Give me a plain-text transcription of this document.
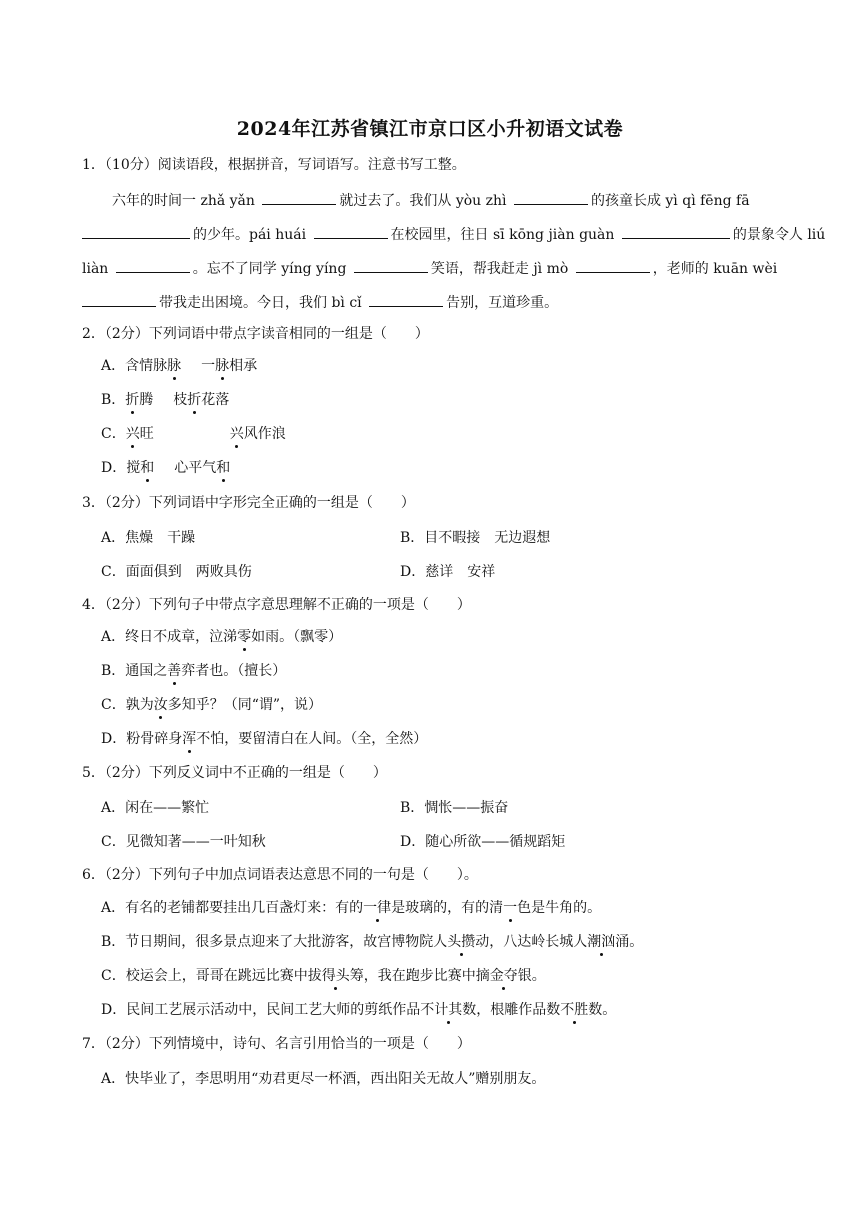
2024年江苏省镇江市京口区小升初语文试卷
1．（10分）阅读语段，根据拼音，写词语写。注意书写工整。
六年的时间一 zhǎ yǎn	就过去了。我们从 yòu zhì	的孩童长成 yì qì fēng fā
的少年。pái huái	在校园里，往日 sī kōng jiàn guàn	的景象令人 liú
liàn	。忘不了同学 yíng yíng	笑语，帮我赶走 jì mò	，老师的 kuān wèi
带我走出困境。今日，我们 bì cǐ	告别，互道珍重。
2．（2分）下列词语中带点字读音相同的一组是（　　）
A．含情脉脉 一脉相承
B．折腾 枝折花落
C．兴旺	兴风作浪
D．搅和 心平气和
3．（2分）下列词语中字形完全正确的一组是（　　）
A．焦燥　干躁	B．目不暇接　无边遐想
C．面面俱到　两败具伤	D．慈详　安祥
4．（2分）下列句子中带点字意思理解不正确的一项是（　　）
A．终日不成章，泣涕零如雨。（飘零）
B．通国之善弈者也。（擅长）
C．孰为汝多知乎？（同“谓”，说）
D．粉骨碎身浑不怕，要留清白在人间。（全，全然）
5．（2分）下列反义词中不正确的一组是（　　）
A．闲在——繁忙	B．惆怅——振奋
C．见微知著——一叶知秋	D．随心所欲——循规蹈矩
6．（2分）下列句子中加点词语表达意思不同的一句是（　　）。
A．有名的老铺都要挂出几百盏灯来：有的一律是玻璃的，有的清一色是牛角的。
B．节日期间，很多景点迎来了大批游客，故宫博物院人头攒动，八达岭长城人潮汹涌。
C．校运会上，哥哥在跳远比赛中拔得头筹，我在跑步比赛中摘金夺银。
D．民间工艺展示活动中，民间工艺大师的剪纸作品不计其数，根雕作品数不胜数。
7．（2分）下列情境中，诗句、名言引用恰当的一项是（　　）
A．快毕业了，李思明用“劝君更尽一杯酒，西出阳关无故人”赠别朋友。
